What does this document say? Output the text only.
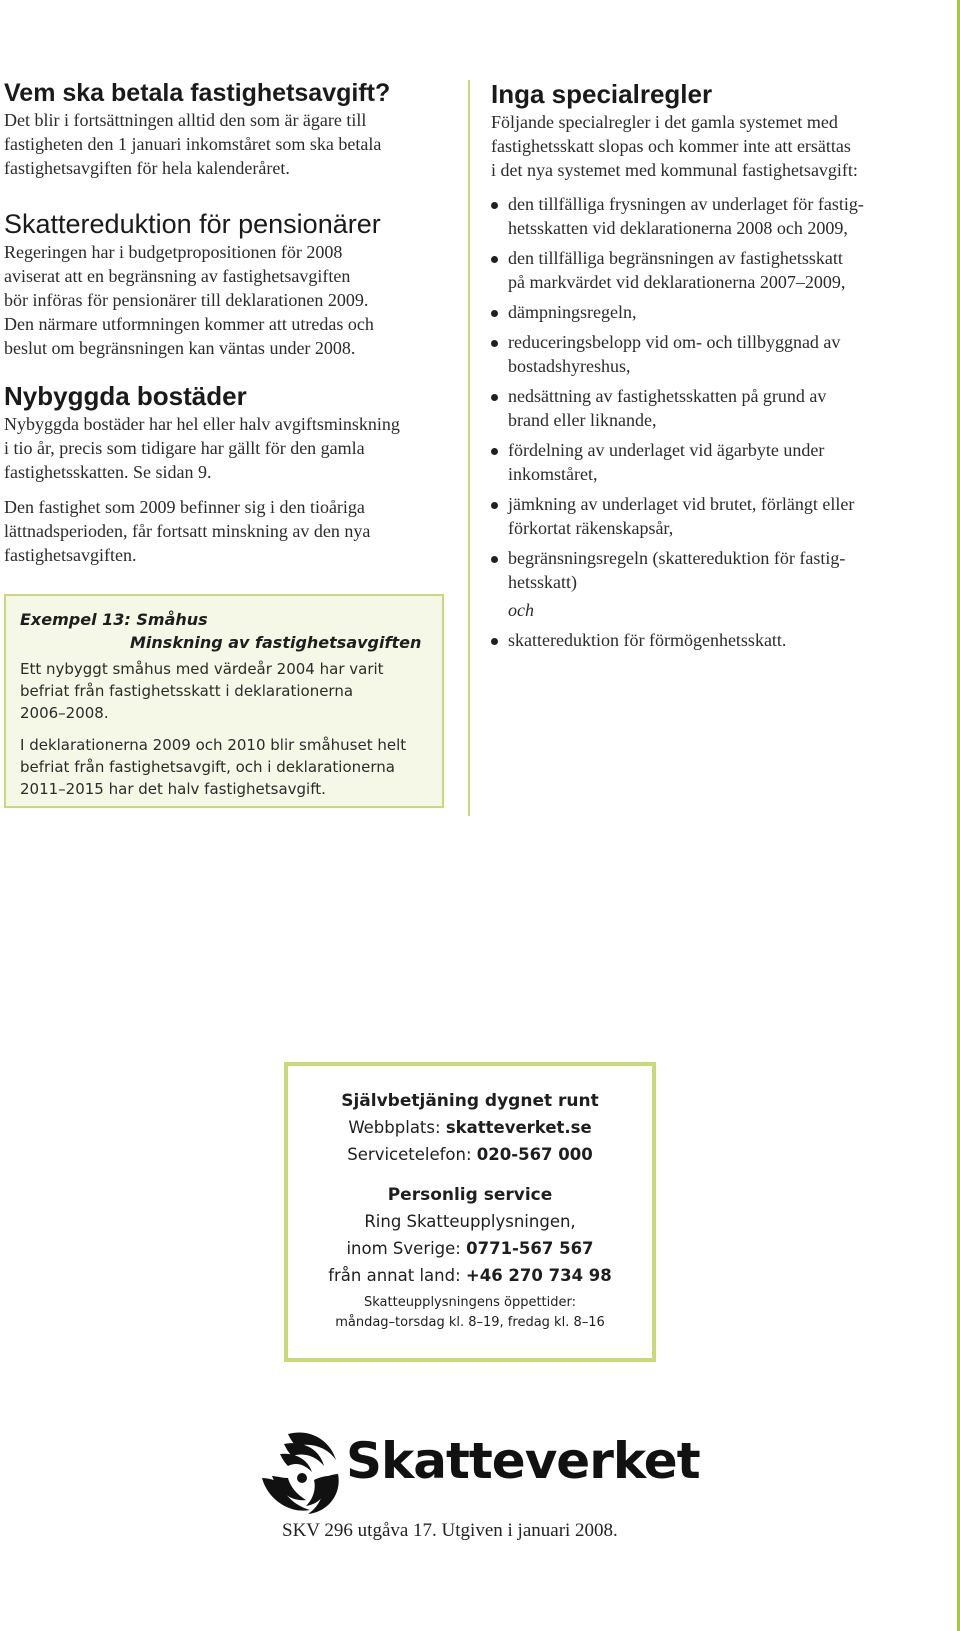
Vem ska betala fastighetsavgift?

Det blir i fortsättningen alltid den som är ägare till
fastigheten den 1 januari inkomståret som ska betala
fastighetsavgiften för hela kalenderåret.

Skattereduktion för pensionärer

Regeringen har i budgetpropositionen för 2008
aviserat att en begränsning av fastighetsavgiften
bör införas för pensionärer till deklarationen 2009.
Den närmare utformningen kommer att utredas och
beslut om begränsningen kan väntas under 2008.

Nybyggda bostäder

Nybyggda bostäder har hel eller halv avgiftsminskning
i tio år, precis som tidigare har gällt för den gamla
fastighetsskatten. Se sidan 9.

Den fastighet som 2009 befinner sig i den tioåriga
lättnadsperioden, får fortsatt minskning av den nya
fastighetsavgiften.

Exempel 13: Småhus
Minskning av fastighetsavgiften

Ett nybyggt småhus med värdeår 2004 har varit
befriat från fastighetsskatt i deklarationerna
2006–2008.

I deklarationerna 2009 och 2010 blir småhuset helt
befriat från fastighetsavgift, och i deklarationerna
2011–2015 har det halv fastighetsavgift.

Inga specialregler

Följande specialregler i det gamla systemet med
fastighetsskatt slopas och kommer inte att ersättas
i det nya systemet med kommunal fastighetsavgift:

den tillfälliga frysningen av underlaget för fastig-
hetsskatten vid deklarationerna 2008 och 2009,
den tillfälliga begränsningen av fastighetsskatt
på markvärdet vid deklarationerna 2007–2009,
dämpningsregeln,
reduceringsbelopp vid om- och tillbyggnad av
bostadshyreshus,
nedsättning av fastighetsskatten på grund av
brand eller liknande,
fördelning av underlaget vid ägarbyte under
inkomståret,
jämkning av underlaget vid brutet, förlängt eller
förkortat räkenskapsår,
begränsningsregeln (skattereduktion för fastig-
hetsskatt)
och
skattereduktion för förmögenhetsskatt.
Självbetjäning dygnet runt
Webbplats: skatteverket.se
Servicetelefon: 020-567 000
Personlig service
Ring Skatteupplysningen,
inom Sverige: 0771-567 567
från annat land: +46 270 734 98
Skatteupplysningens öppettider:
måndag–torsdag kl. 8–19, fredag kl. 8–16
Skatteverket
SKV 296 utgåva 17. Utgiven i januari 2008.
